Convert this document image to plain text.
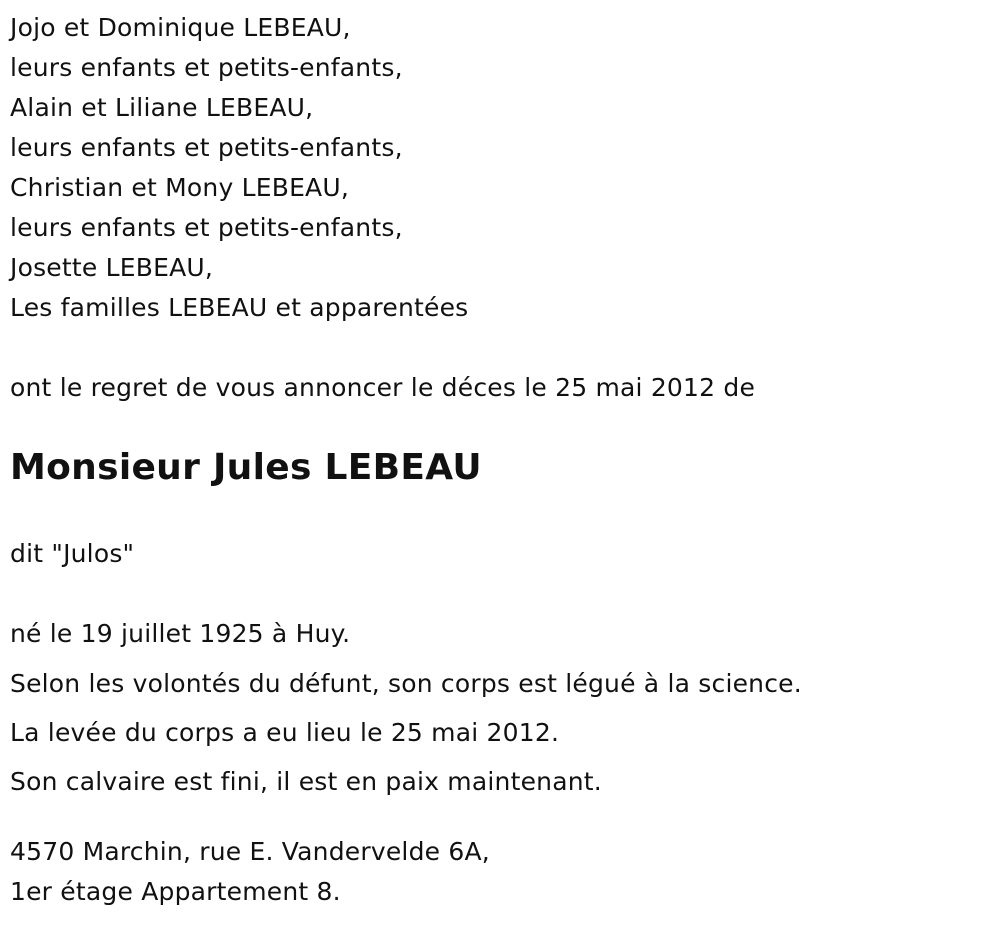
Jojo et Dominique LEBEAU,
leurs enfants et petits-enfants,
Alain et Liliane LEBEAU,
leurs enfants et petits-enfants,
Christian et Mony LEBEAU,
leurs enfants et petits-enfants,
Josette LEBEAU,
Les familles LEBEAU et apparentées
ont le regret de vous annoncer le déces le 25 mai 2012 de
Monsieur Jules LEBEAU
dit "Julos"
né le 19 juillet 1925 à Huy.
Selon les volontés du défunt, son corps est légué à la science.
La levée du corps a eu lieu le 25 mai 2012.
Son calvaire est fini, il est en paix maintenant.
4570 Marchin, rue E. Vandervelde 6A,
1er étage Appartement 8.
